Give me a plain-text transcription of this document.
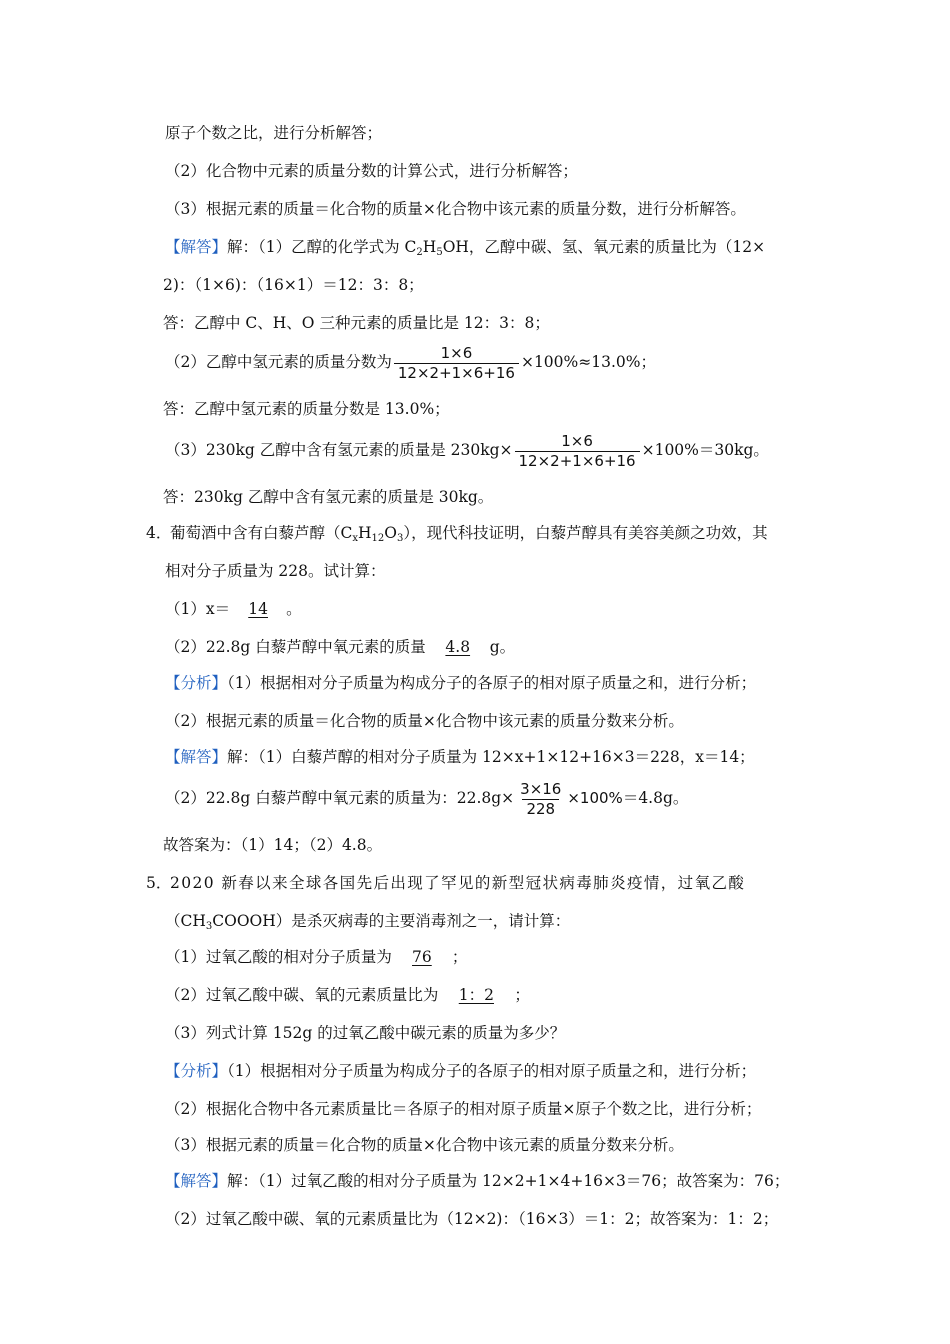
原子个数之比，进行分析解答；
（2）化合物中元素的质量分数的计算公式，进行分析解答；
（3）根据元素的质量＝化合物的质量×化合物中该元素的质量分数，进行分析解答。
【解答】解：（1）乙醇的化学式为 $C_2H_5OH$，乙醇中碳、氢、氧元素的质量比为（12×
2)：（1×6)：（16×1）＝12：3：8；
答：乙醇中 C、H、O 三种元素的质量比是 12：3：8；
（2）乙醇中氢元素的质量分数为 $\frac{1\times 6}{12\times 2+1\times 6+16} \times 100\%\approx 13.0\%$；
答：乙醇中氢元素的质量分数是 13.0%；
（3）230kg 乙醇中含有氢元素的质量是 $230kg\times \frac{1\times 6}{12\times 2+1\times 6+16} \times 100\%=30kg$。
答：230kg 乙醇中含有氢元素的质量是 30kg。
4．
葡萄酒中含有白藜芦醇$(C_xH_{12}O_3)$，现代科技证明，白藜芦醇具有美容美颜之功效，其
相对分子质量为 228。试计算：
（1）x＝ 14 。
（2）22.8g 白藜芦醇中氧元素的质量 4.8 g。
【分析】（1）根据相对分子质量为构成分子的各原子的相对原子质量之和，进行分析；
（2）根据元素的质量＝化合物的质量×化合物中该元素的质量分数来分析。
【解答】解：（1）白藜芦醇的相对分子质量为 12×x+1×12+16×3＝228，x＝14；
（2）22.8g 白藜芦醇中氧元素的质量为：$22.8g\times \frac{3\times 16}{228} \times 100\%=4.8g$。
故答案为：（1）14；（2）4.8。
5．
2020 新春以来全球各国先后出现了罕见的新型冠状病毒肺炎疫情，过氧乙酸
$(CH_3COOOH)$是杀灭病毒的主要消毒剂之一，请计算：
（1）过氧乙酸的相对分子质量为 76 ；
（2）过氧乙酸中碳、氧的元素质量比为 1：2 ；
（3）列式计算 152g 的过氧乙酸中碳元素的质量为多少？
【分析】（1）根据相对分子质量为构成分子的各原子的相对原子质量之和，进行分析；
（2）根据化合物中各元素质量比＝各原子的相对原子质量×原子个数之比，进行分析；
（3）根据元素的质量＝化合物的质量×化合物中该元素的质量分数来分析。
【解答】解：（1）过氧乙酸的相对分子质量为 12×2+1×4+16×3＝76；故答案为：76；
（2）过氧乙酸中碳、氧的元素质量比为（12×2)：（16×3）＝1：2；故答案为：1：2；
